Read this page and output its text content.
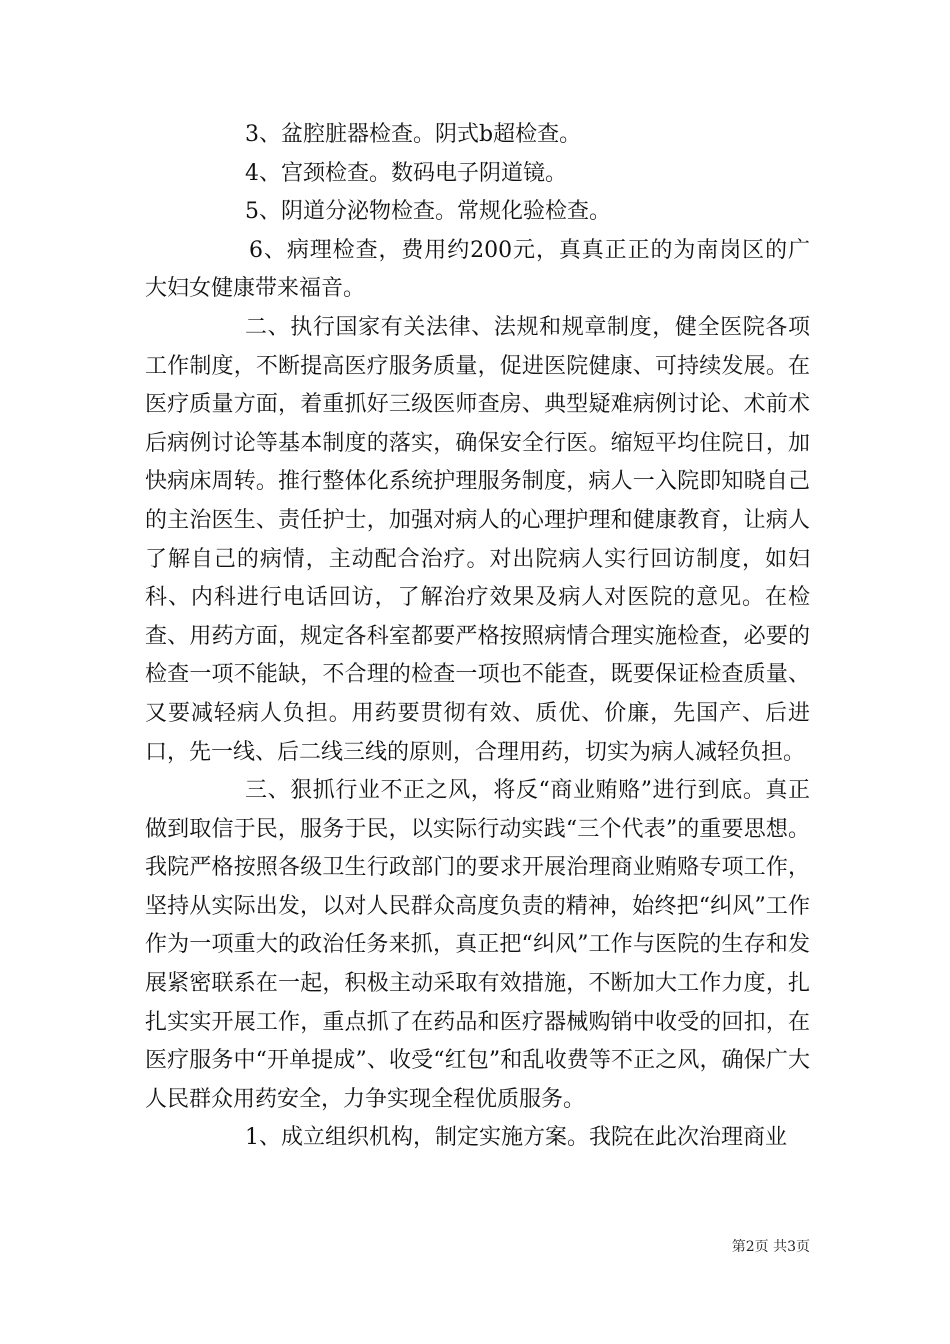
3、盆腔脏器检查。阴式b超检查。

4、宫颈检查。数码电子阴道镜。

5、阴道分泌物检查。常规化验检查。

6、病理检查，费用约200元，真真正正的为南岗区的广大妇女健康带来福音。

二、执行国家有关法律、法规和规章制度，健全医院各项工作制度，不断提高医疗服务质量，促进医院健康、可持续发展。在医疗质量方面，着重抓好三级医师查房、典型疑难病例讨论、术前术后病例讨论等基本制度的落实，确保安全行医。缩短平均住院日，加快病床周转。推行整体化系统护理服务制度，病人一入院即知晓自己的主治医生、责任护士，加强对病人的心理护理和健康教育，让病人了解自己的病情，主动配合治疗。对出院病人实行回访制度，如妇科、内科进行电话回访，了解治疗效果及病人对医院的意见。在检查、用药方面，规定各科室都要严格按照病情合理实施检查，必要的检查一项不能缺，不合理的检查一项也不能查，既要保证检查质量、又要减轻病人负担。用药要贯彻有效、质优、价廉，先国产、后进口，先一线、后二线三线的原则，合理用药，切实为病人减轻负担。

三、狠抓行业不正之风，将反“商业贿赂”进行到底。真正做到取信于民，服务于民，以实际行动实践“三个代表”的重要思想。我院严格按照各级卫生行政部门的要求开展治理商业贿赂专项工作，坚持从实际出发，以对人民群众高度负责的精神，始终把“纠风”工作作为一项重大的政治任务来抓，真正把“纠风”工作与医院的生存和发展紧密联系在一起，积极主动采取有效措施，不断加大工作力度，扎扎实实开展工作，重点抓了在药品和医疗器械购销中收受的回扣，在医疗服务中“开单提成”、收受“红包”和乱收费等不正之风，确保广大人民群众用药安全，力争实现全程优质服务。

1、成立组织机构，制定实施方案。我院在此次治理商业

第2页 共3页
